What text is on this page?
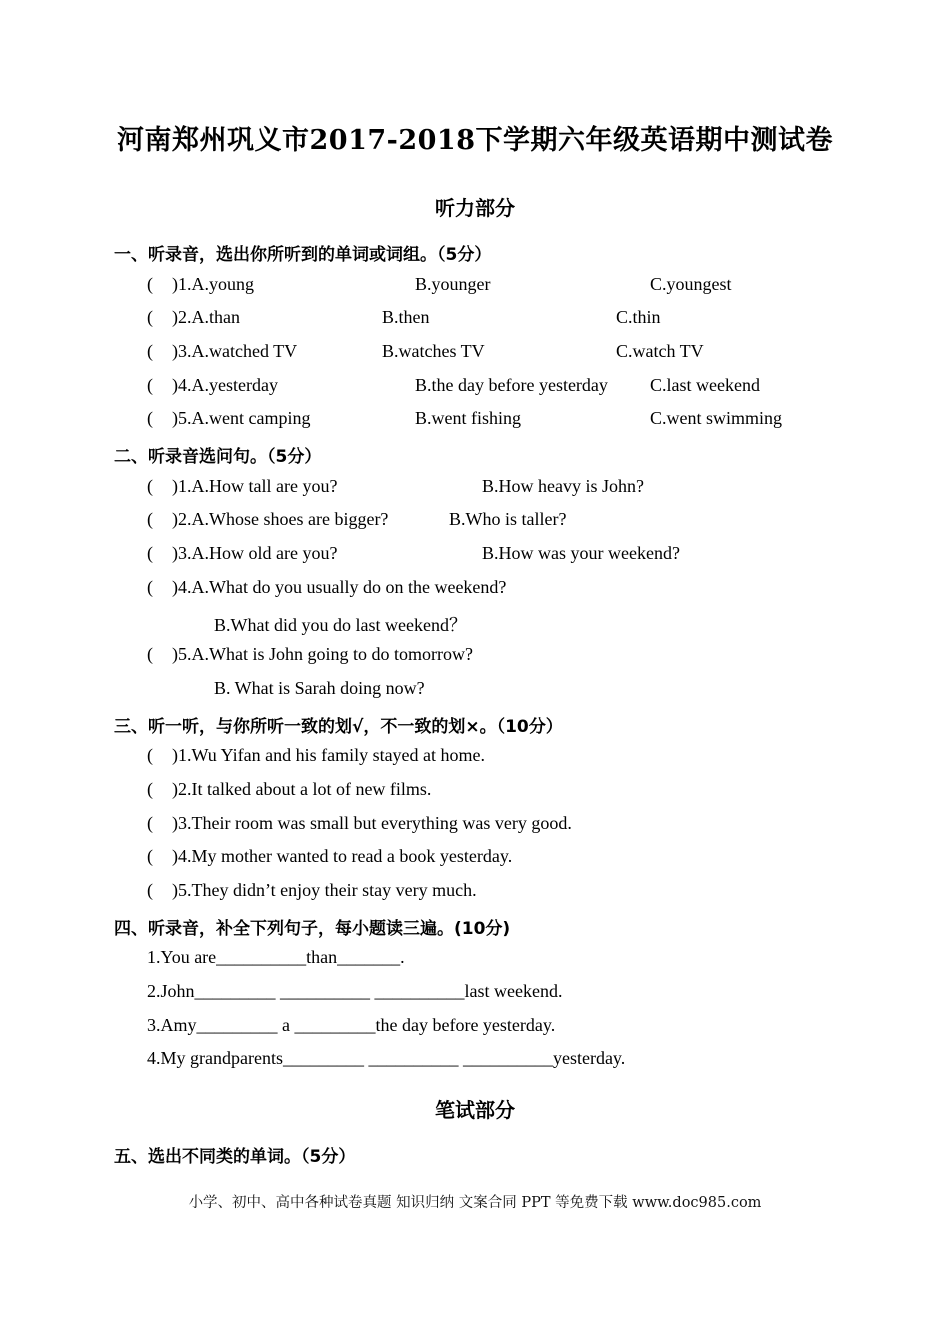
河南郑州巩义市2017-2018下学期六年级英语期中测试卷
听力部分
一、听录音，选出你所听到的单词或词组。（5分）
( )1.A.young	B.younger	C.youngest
( )2.A.than	B.then	C.thin
( )3.A.watched TV	B.watches TV	C.watch TV
( )4.A.yesterday	B.the day before yesterday C.last weekend
( )5.A.went camping	B.went fishing	C.went swimming
二、听录音选问句。（5分）
( )1.A.How tall are you?	B.How heavy is John?
( )2.A.Whose shoes are bigger?	B.Who is taller?
( )3.A.How old are you?	B.How was your weekend?
( )4.A.What do you usually do on the weekend?
B.What did you do last weekend？
( )5.A.What is John going to do tomorrow?
B. What is Sarah doing now?
三、听一听，与你所听一致的划√，不一致的划×。（10分）
( )1.Wu Yifan and his family stayed at home.
( )2.It talked about a lot of new films.
( )3.Their room was small but everything was very good.
( )4.My mother wanted to read a book yesterday.
( )5.They didn’t enjoy their stay very much.
四、听录音，补全下列句子，每小题读三遍。(10分)
1.You are__________than_______.
2.John_________ __________ __________last weekend.
3.Amy_________ a _________the day before yesterday.
4.My grandparents_________ __________ __________yesterday.
笔试部分
五、选出不同类的单词。（5分）
小学、初中、高中各种试卷真题 知识归纳 文案合同 PPT 等免费下载 www.doc985.com
